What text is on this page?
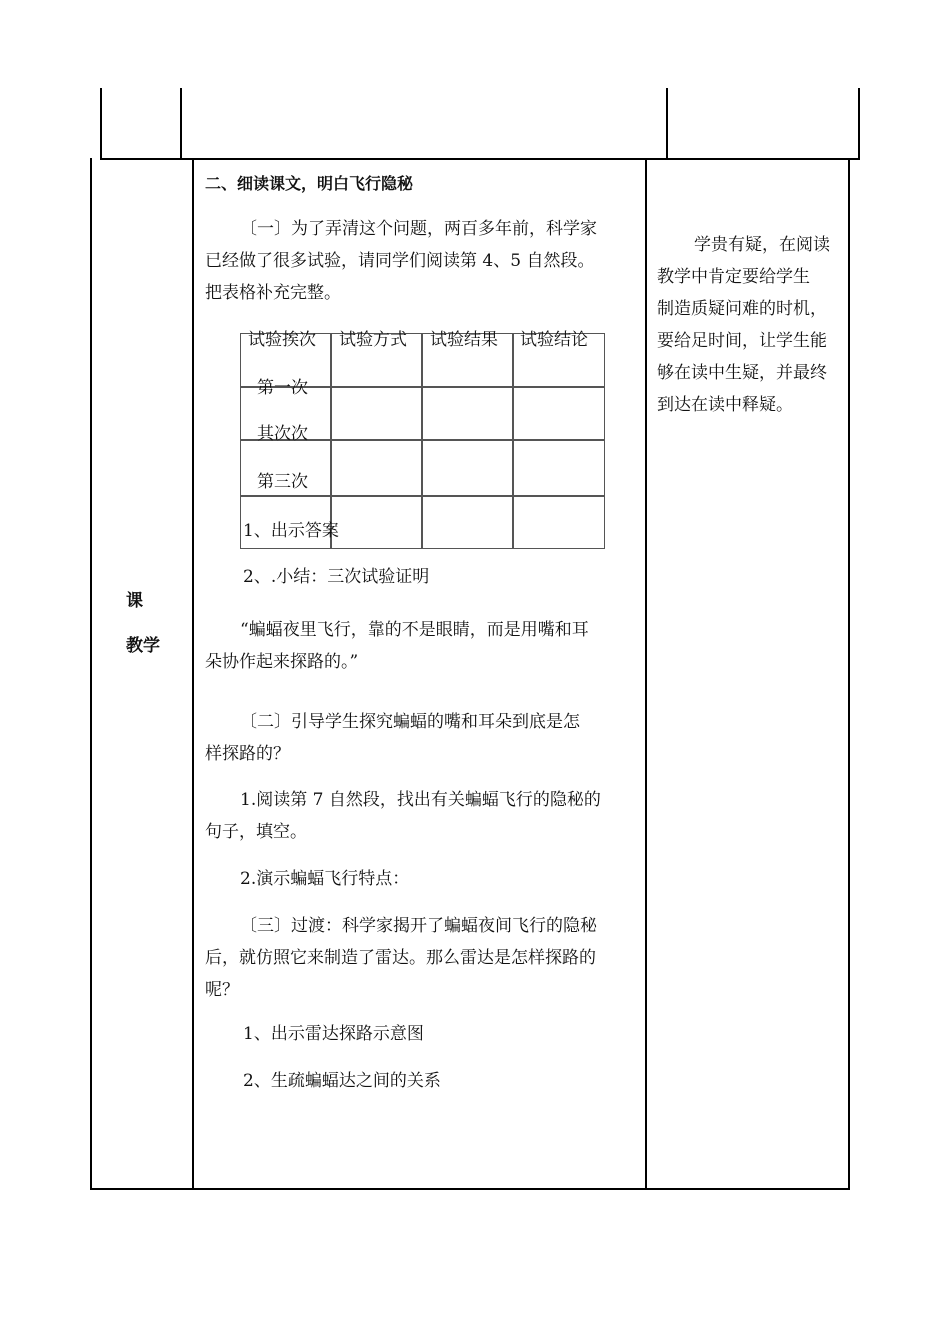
课
教学
二、细读课文，明白飞行隐秘
〔一〕为了弄清这个问题，两百多年前，科学家
已经做了很多试验，请同学们阅读第 4、5 自然段。
把表格补充完整。
试验挨次 试验方式 试验结果 试验结论
第一次
其次次
第三次
1、出示答案
2、.小结：三次试验证明
“蝙蝠夜里飞行，靠的不是眼睛，而是用嘴和耳
朵协作起来探路的。”
〔二〕引导学生探究蝙蝠的嘴和耳朵到底是怎
样探路的？
1.阅读第 7 自然段，找出有关蝙蝠飞行的隐秘的
句子，填空。
2.演示蝙蝠飞行特点：
〔三〕过渡：科学家揭开了蝙蝠夜间飞行的隐秘
后，就仿照它来制造了雷达。那么雷达是怎样探路的
呢？
1、出示雷达探路示意图
2、生疏蝙蝠达之间的关系
学贵有疑，在阅读
教学中肯定要给学生
制造质疑问难的时机，
要给足时间，让学生能
够在读中生疑，并最终
到达在读中释疑。
